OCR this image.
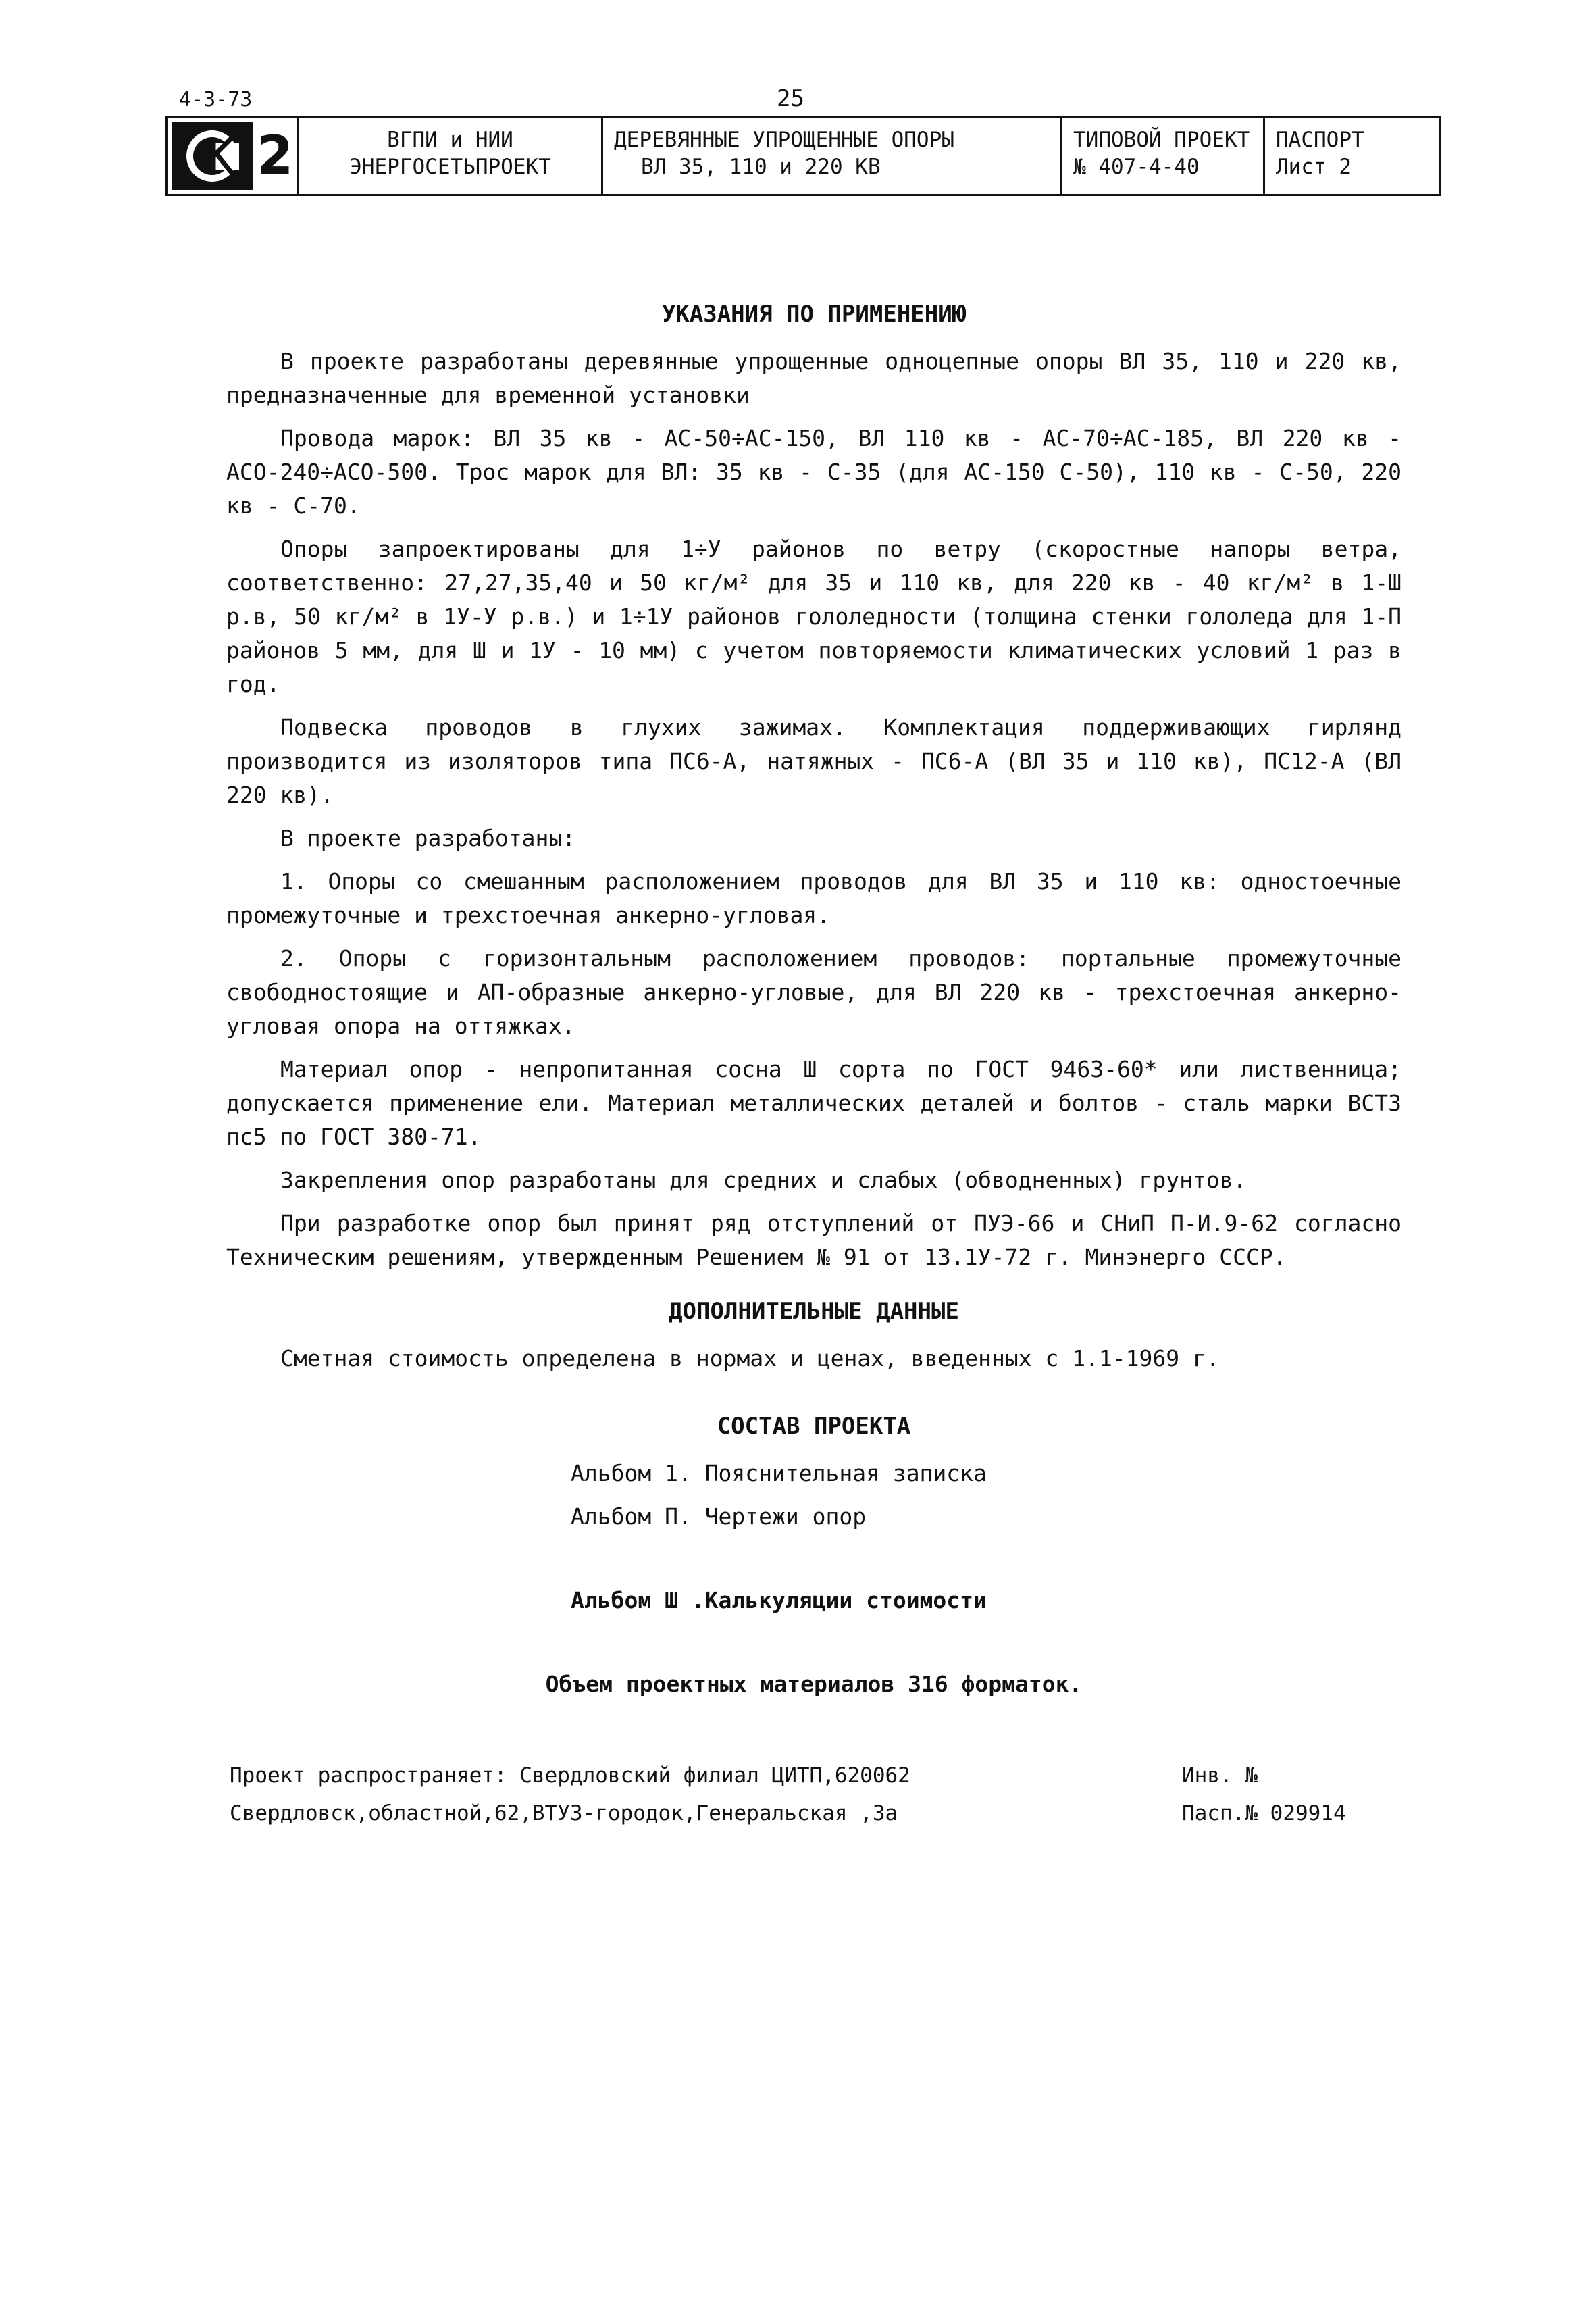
4-3-73	25
2	ВГПИ и НИИ
ЭНЕРГОСЕТЬПРОЕКТ
ДЕРЕВЯННЫЕ УПРОЩЕННЫЕ ОПОРЫ
ВЛ 35, 110 и 220 КВ
ТИПОВОЙ ПРОЕКТ
№ 407-4-40
ПАСПОРТ
Лист 2
УКАЗАНИЯ ПО ПРИМЕНЕНИЮ

В проекте разработаны деревянные упрощенные одноцепные опоры ВЛ 35, 110 и 220 кв, предназначенные для временной установки

Провода марок: ВЛ 35 кв - АС-50÷АС-150, ВЛ 110 кв - АС-70÷АС-185, ВЛ 220 кв - АСО-240÷АСО-500. Трос марок для ВЛ: 35 кв - С-35 (для АС-150 С-50), 110 кв - С-50, 220 кв - С-70.

Опоры запроектированы для 1÷У районов по ветру (скоростные напоры ветра, соответственно: 27,27,35,40 и 50 кг/м² для 35 и 110 кв, для 220 кв - 40 кг/м² в 1-Ш р.в, 50 кг/м² в 1У-У р.в.) и 1÷1У районов гололедности (толщина стенки гололеда для 1-П районов 5 мм, для Ш и 1У - 10 мм) с учетом повторяемости климатических условий 1 раз в год.

Подвеска проводов в глухих зажимах. Комплектация поддерживающих гирлянд производится из изоляторов типа ПС6-А, натяжных - ПС6-А (ВЛ 35 и 110 кв), ПС12-А (ВЛ 220 кв).

В проекте разработаны:

1. Опоры со смешанным расположением проводов для ВЛ 35 и 110 кв: одностоечные промежуточные и трехстоечная анкерно-угловая.

2. Опоры с горизонтальным расположением проводов: портальные промежуточные свободностоящие и АП-образные анкерно-угловые, для ВЛ 220 кв - трехстоечная анкерно-угловая опора на оттяжках.

Материал опор - непропитанная сосна Ш сорта по ГОСТ 9463-60* или лиственница; допускается применение ели. Материал металлических деталей и болтов - сталь марки ВСТ3 пс5 по ГОСТ 380-71.

Закрепления опор разработаны для средних и слабых (обводненных) грунтов.

При разработке опор был принят ряд отступлений от ПУЭ-66 и СНиП П-И.9-62 согласно Техническим решениям, утвержденным Решением № 91 от 13.1У-72 г. Минэнерго СССР.

ДОПОЛНИТЕЛЬНЫЕ ДАННЫЕ

Сметная стоимость определена в нормах и ценах, введенных с 1.1-1969 г.

СОСТАВ ПРОЕКТА
Альбом 1. Пояснительная записка
Альбом П. Чертежи опор
Альбом Ш .Калькуляции стоимости
Объем проектных материалов 316 форматок.
Проект распространяет: Свердловский филиал ЦИТП,620062	Инв. №
Свердловск,областной,62,ВТУЗ-городок,Генеральская ,3а	Пасп.№ 029914
